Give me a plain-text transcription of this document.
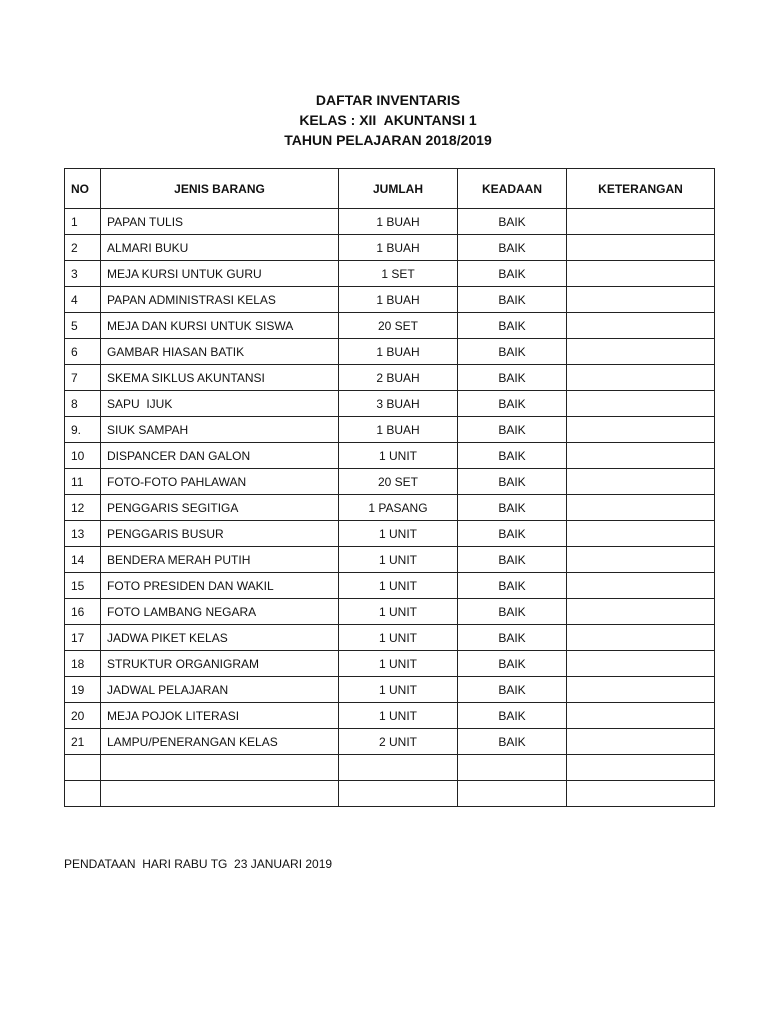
DAFTAR INVENTARIS
KELAS : XII  AKUNTANSI 1
TAHUN PELAJARAN 2018/2019
NO	JENIS BARANG	JUMLAH	KEADAAN	KETERANGAN
1	PAPAN TULIS	1 BUAH	BAIK	
2	ALMARI BUKU	1 BUAH	BAIK	
3	MEJA KURSI UNTUK GURU	1 SET	BAIK	
4	PAPAN ADMINISTRASI KELAS	1 BUAH	BAIK	
5	MEJA DAN KURSI UNTUK SISWA	20 SET	BAIK	
6	GAMBAR HIASAN BATIK	1 BUAH	BAIK	
7	SKEMA SIKLUS AKUNTANSI	2 BUAH	BAIK	
8	SAPU  IJUK	3 BUAH	BAIK	
9.	SIUK SAMPAH	1 BUAH	BAIK	
10	DISPANCER DAN GALON	1 UNIT	BAIK	
11	FOTO-FOTO PAHLAWAN	20 SET	BAIK	
12	PENGGARIS SEGITIGA	1 PASANG	BAIK	
13	PENGGARIS BUSUR	1 UNIT	BAIK	
14	BENDERA MERAH PUTIH	1 UNIT	BAIK	
15	FOTO PRESIDEN DAN WAKIL	1 UNIT	BAIK	
16	FOTO LAMBANG NEGARA	1 UNIT	BAIK	
17	JADWA PIKET KELAS	1 UNIT	BAIK	
18	STRUKTUR ORGANIGRAM	1 UNIT	BAIK	
19	JADWAL PELAJARAN	1 UNIT	BAIK	
20	MEJA POJOK LITERASI	1 UNIT	BAIK	
21	LAMPU/PENERANGAN KELAS	2 UNIT	BAIK	

PENDATAAN  HARI RABU TG  23 JANUARI 2019
